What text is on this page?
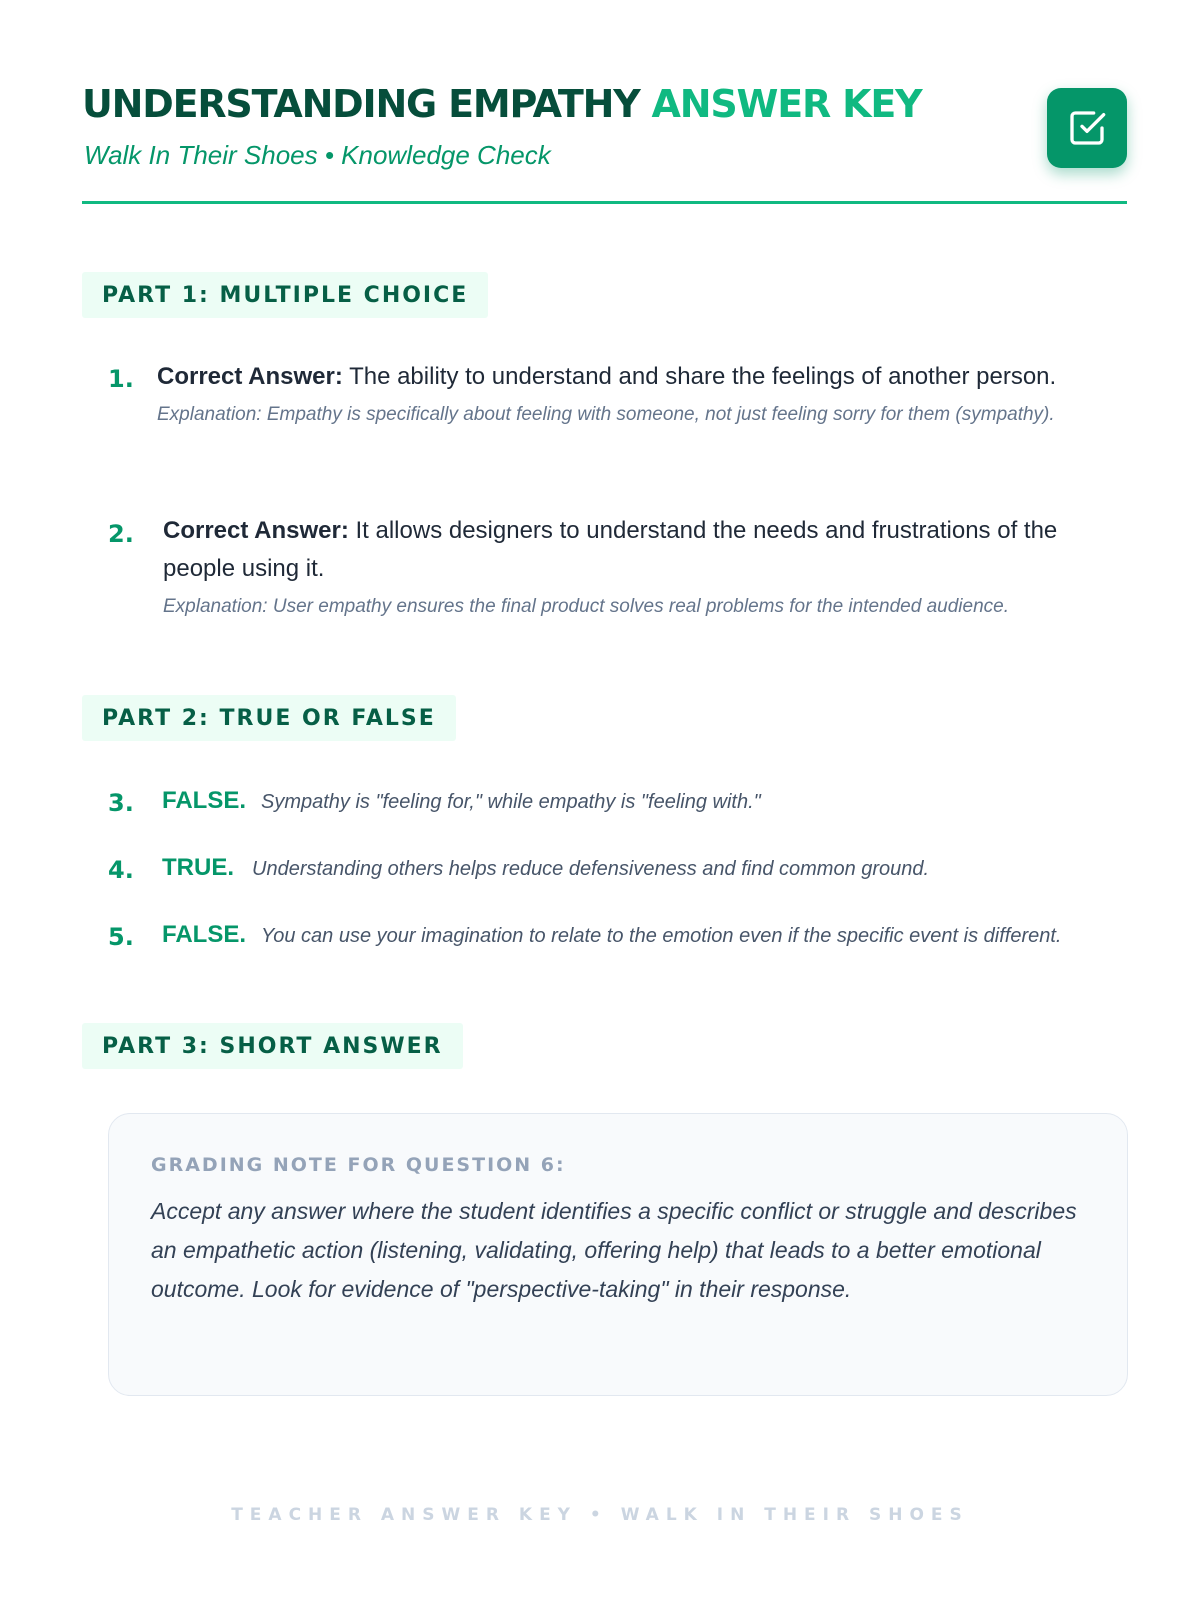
UNDERSTANDING EMPATHY ANSWER KEY
Walk In Their Shoes • Knowledge Check
PART 1: MULTIPLE CHOICE
1. Correct Answer: The ability to understand and share the feelings of another person.
Explanation: Empathy is specifically about feeling with someone, not just feeling sorry for them (sympathy).
2. Correct Answer: It allows designers to understand the needs and frustrations of the people using it.
Explanation: User empathy ensures the final product solves real problems for the intended audience.
PART 2: TRUE OR FALSE
3. FALSE. Sympathy is "feeling for," while empathy is "feeling with."
4. TRUE. Understanding others helps reduce defensiveness and find common ground.
5. FALSE. You can use your imagination to relate to the emotion even if the specific event is different.
PART 3: SHORT ANSWER
GRADING NOTE FOR QUESTION 6:
Accept any answer where the student identifies a specific conflict or struggle and describes an empathetic action (listening, validating, offering help) that leads to a better emotional outcome. Look for evidence of "perspective-taking" in their response.
TEACHER ANSWER KEY • WALK IN THEIR SHOES
